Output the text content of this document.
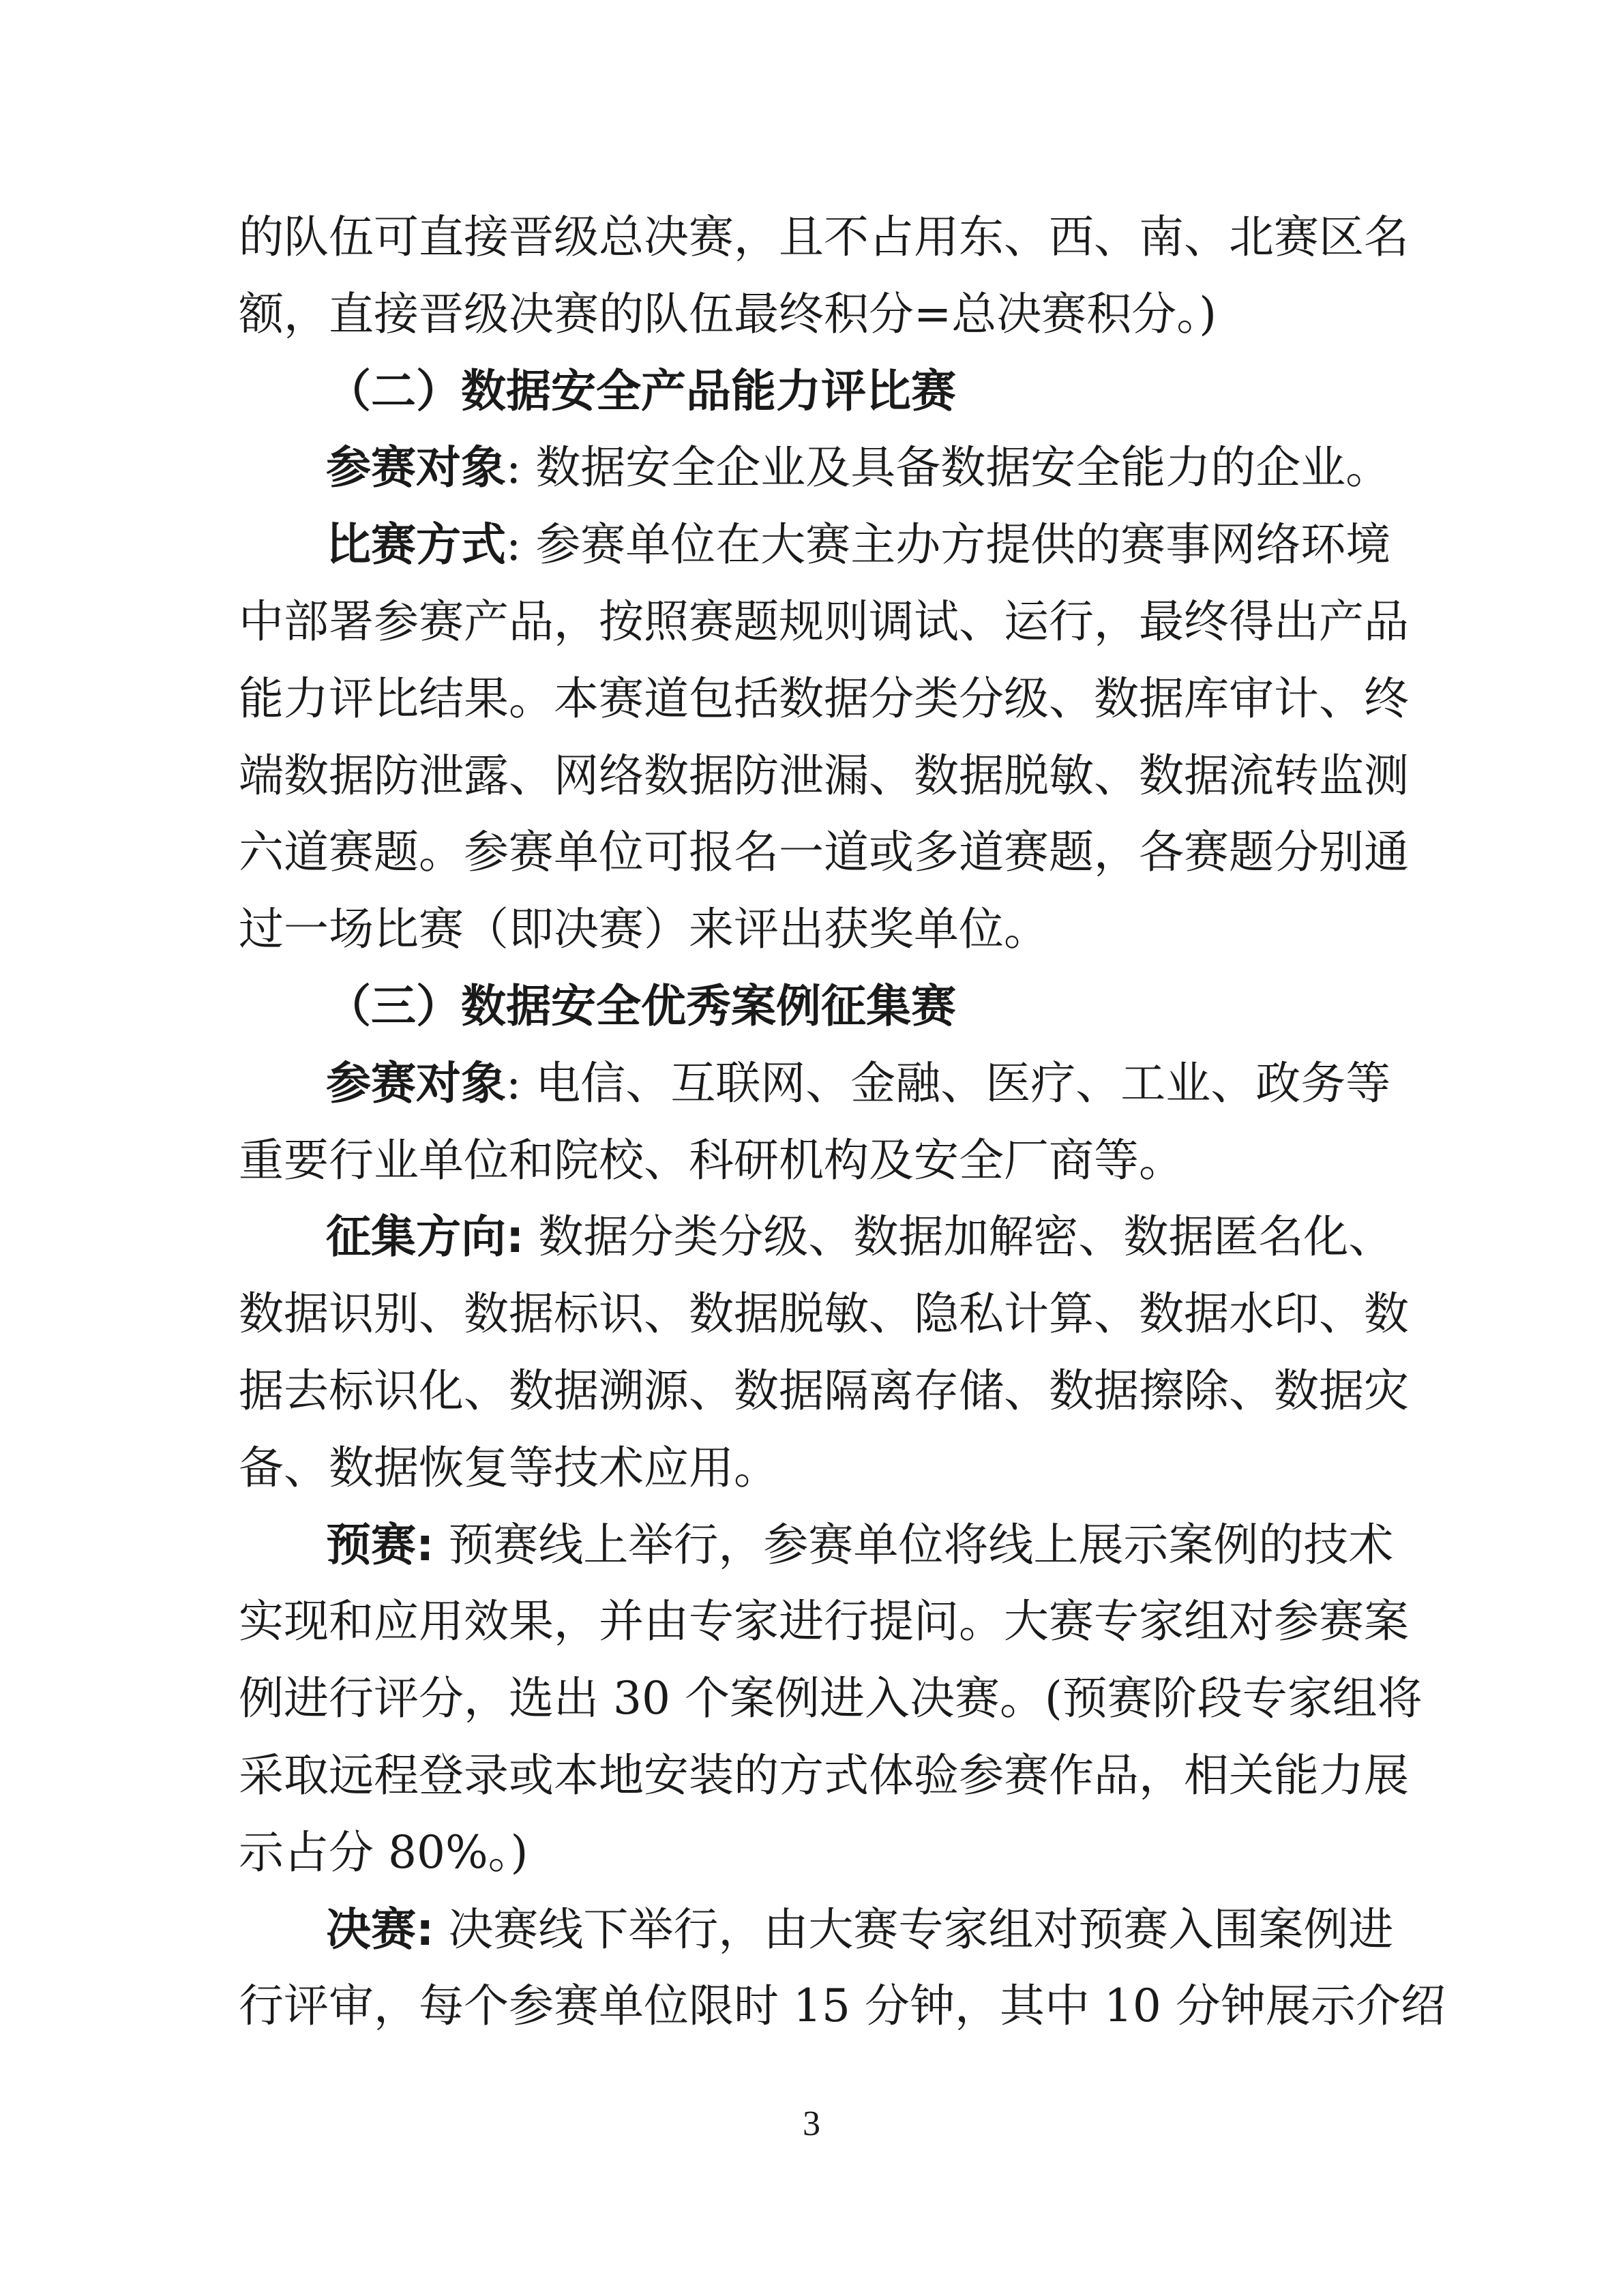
的队伍可直接晋级总决赛，且不占用东、西、南、北赛区名
额，直接晋级决赛的队伍最终积分=总决赛积分。)
（二）数据安全产品能力评比赛
参赛对象: 数据安全企业及具备数据安全能力的企业。
比赛方式: 参赛单位在大赛主办方提供的赛事网络环境
中部署参赛产品，按照赛题规则调试、运行，最终得出产品
能力评比结果。本赛道包括数据分类分级、数据库审计、终
端数据防泄露、网络数据防泄漏、数据脱敏、数据流转监测
六道赛题。参赛单位可报名一道或多道赛题，各赛题分别通
过一场比赛（即决赛）来评出获奖单位。
（三）数据安全优秀案例征集赛
参赛对象: 电信、互联网、金融、医疗、工业、政务等
重要行业单位和院校、科研机构及安全厂商等。
征集方向: 数据分类分级、数据加解密、数据匿名化、
数据识别、数据标识、数据脱敏、隐私计算、数据水印、数
据去标识化、数据溯源、数据隔离存储、数据擦除、数据灾
备、数据恢复等技术应用。
预赛: 预赛线上举行，参赛单位将线上展示案例的技术
实现和应用效果，并由专家进行提问。大赛专家组对参赛案
例进行评分，选出 30 个案例进入决赛。(预赛阶段专家组将
采取远程登录或本地安装的方式体验参赛作品，相关能力展
示占分 80%。)
决赛: 决赛线下举行，由大赛专家组对预赛入围案例进
行评审，每个参赛单位限时 15 分钟，其中 10 分钟展示介绍
3
